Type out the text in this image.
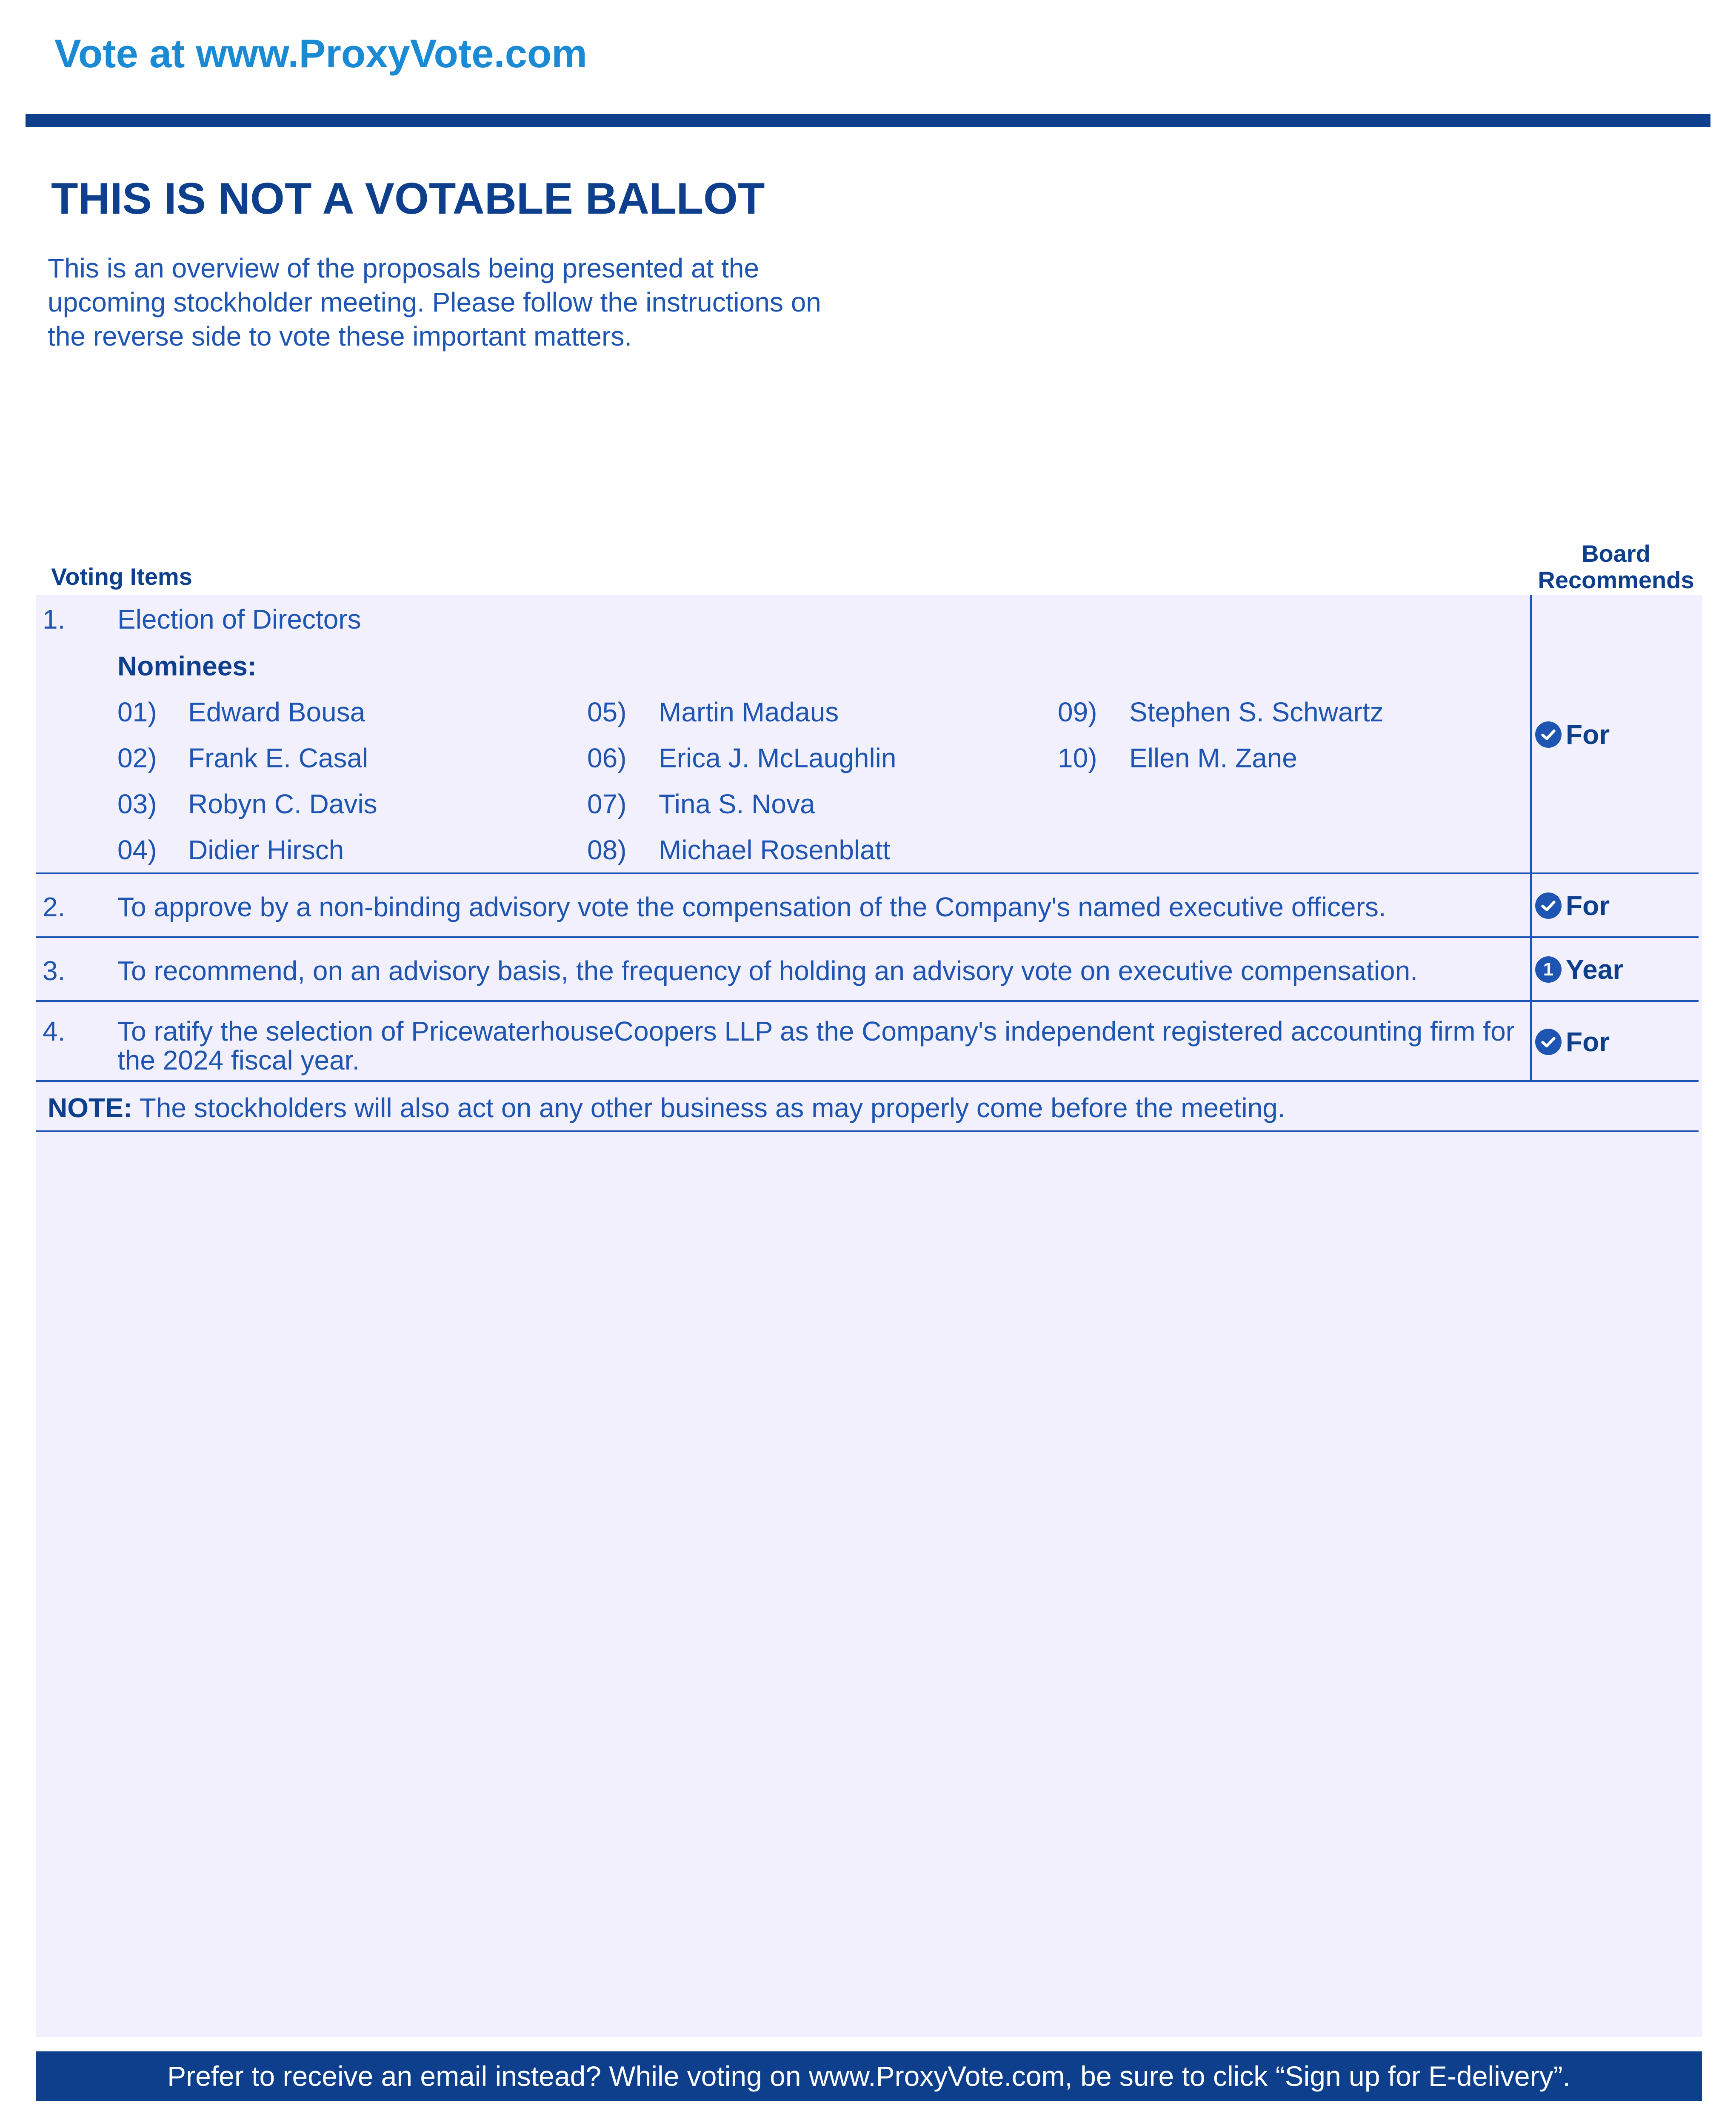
Vote at www.ProxyVote.com
THIS IS NOT A VOTABLE BALLOT
This is an overview of the proposals being presented at the
upcoming stockholder meeting. Please follow the instructions on
the reverse side to vote these important matters.
Voting Items
Board
Recommends
1. Election of Directors
Nominees:
01) Edward Bousa
02) Frank E. Casal
03) Robyn C. Davis
04) Didier Hirsch
05) Martin Madaus
06) Erica J. McLaughlin
07) Tina S. Nova
08) Michael Rosenblatt
09) Stephen S. Schwartz
10) Ellen M. Zane
For
2. To approve by a non-binding advisory vote the compensation of the Company's named executive officers.	For
3. To recommend, on an advisory basis, the frequency of holding an advisory vote on executive compensation.	1 Year
4. To ratify the selection of PricewaterhouseCoopers LLP as the Company's independent registered accounting firm for
the 2024 fiscal year.
For
NOTE: The stockholders will also act on any other business as may properly come before the meeting.
Prefer to receive an email instead? While voting on www.ProxyVote.com, be sure to click “Sign up for E-delivery”.
